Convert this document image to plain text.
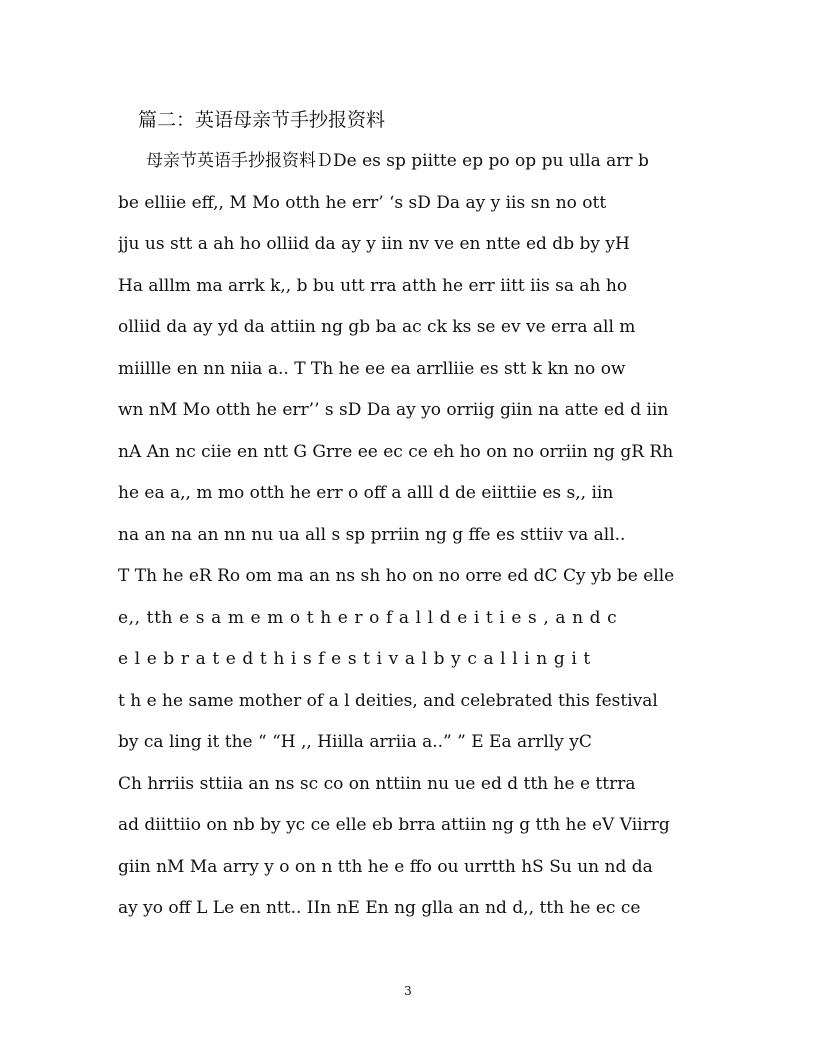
篇二：英语母亲节手抄报资料
母亲节英语手抄报资料ＤDe es sp piitte ep po op pu ulla arr b
be elliie eff,, M Mo otth he err’ ‘s sD Da ay y iis sn no ott
jju us stt a ah ho olliid da ay y iin nv ve en ntte ed db by yH
Ha alllm ma arrk k,, b bu utt rra atth he err iitt iis sa ah ho
olliid da ay yd da attiin ng gb ba ac ck ks se ev ve erra all m
miillle en nn niia a.. T Th he ee ea arrlliie es stt k kn no ow
wn nM Mo otth he err’’ s sD Da ay yo orriig giin na atte ed d iin
nA An nc ciie en ntt G Grre ee ec ce eh ho on no orriin ng gR Rh
he ea a,, m mo otth he err o off a alll d de eiittiie es s,, iin
na an na an nn nu ua all s sp prriin ng g ffe es sttiiv va all..
T Th he eR Ro om ma an ns sh ho on no orre ed dC Cy yb be elle
e,, tth e s a m e m o t h e r o f a l l d e i t i e s , a n d c
e l e b r a t e d t h i s f e s t i v a l b y c a l l i n g i t
t h e he same mother of a l deities, and celebrated this festival
by ca ling it the “ “H ,, Hiilla arriia a..” ” E Ea arrlly yC
Ch hrriis sttiia an ns sc co on nttiin nu ue ed d tth he e ttrra
ad diittiio on nb by yc ce elle eb brra attiin ng g tth he eV Viirrg
giin nM Ma arry y o on n tth he e ffo ou urrtth hS Su un nd da
ay yo off L Le en ntt.. IIn nE En ng glla an nd d,, tth he ec ce
3
